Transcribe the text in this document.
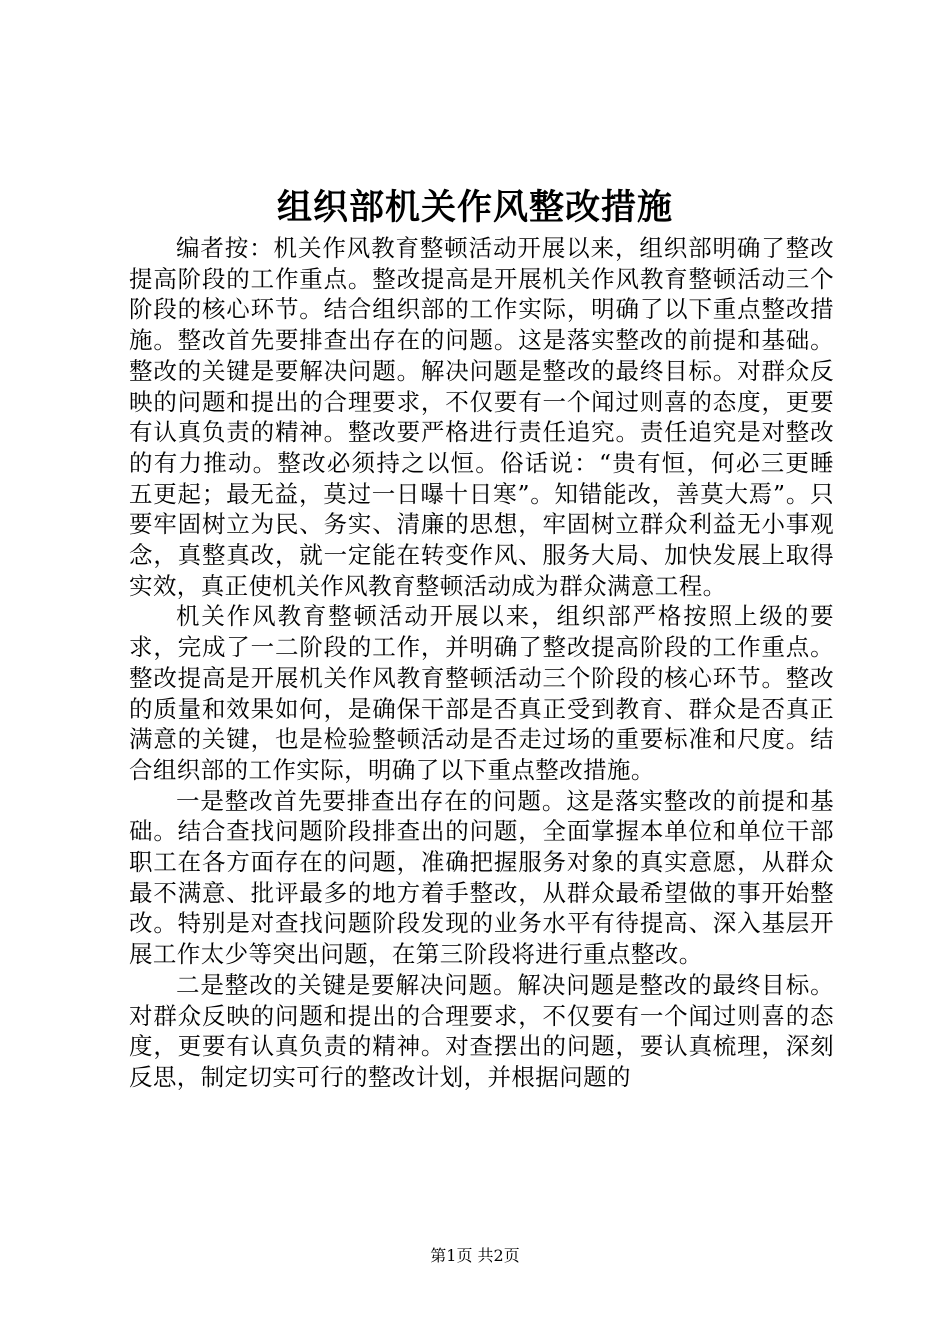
组织部机关作风整改措施

编者按：机关作风教育整顿活动开展以来，组织部明确了整改提高阶段的工作重点。整改提高是开展机关作风教育整顿活动三个阶段的核心环节。结合组织部的工作实际，明确了以下重点整改措施。整改首先要排查出存在的问题。这是落实整改的前提和基础。整改的关键是要解决问题。解决问题是整改的最终目标。对群众反映的问题和提出的合理要求，不仅要有一个闻过则喜的态度，更要有认真负责的精神。整改要严格进行责任追究。责任追究是对整改的有力推动。整改必须持之以恒。俗话说：“贵有恒，何必三更睡五更起；最无益，莫过一日曝十日寒”。知错能改，善莫大焉”。只要牢固树立为民、务实、清廉的思想，牢固树立群众利益无小事观念，真整真改，就一定能在转变作风、服务大局、加快发展上取得实效，真正使机关作风教育整顿活动成为群众满意工程。

机关作风教育整顿活动开展以来，组织部严格按照上级的要求，完成了一二阶段的工作，并明确了整改提高阶段的工作重点。整改提高是开展机关作风教育整顿活动三个阶段的核心环节。整改的质量和效果如何，是确保干部是否真正受到教育、群众是否真正满意的关键，也是检验整顿活动是否走过场的重要标准和尺度。结合组织部的工作实际，明确了以下重点整改措施。

一是整改首先要排查出存在的问题。这是落实整改的前提和基础。结合查找问题阶段排查出的问题，全面掌握本单位和单位干部职工在各方面存在的问题，准确把握服务对象的真实意愿，从群众最不满意、批评最多的地方着手整改，从群众最希望做的事开始整改。特别是对查找问题阶段发现的业务水平有待提高、深入基层开展工作太少等突出问题，在第三阶段将进行重点整改。

二是整改的关键是要解决问题。解决问题是整改的最终目标。对群众反映的问题和提出的合理要求，不仅要有一个闻过则喜的态度，更要有认真负责的精神。对查摆出的问题，要认真梳理，深刻反思，制定切实可行的整改计划，并根据问题的

第1页 共2页
